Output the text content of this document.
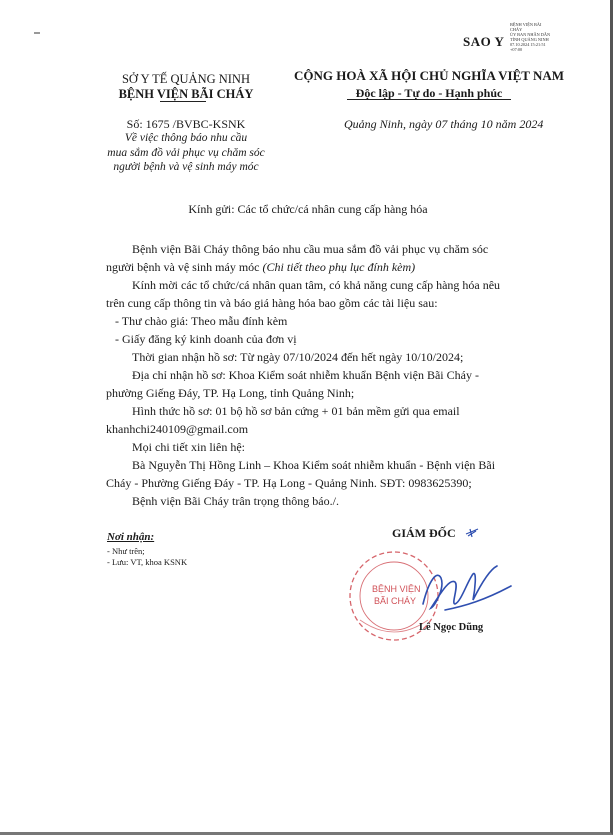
SAO Y
BỆNH VIỆN BÃI
CHÁY
ỦY BAN NHÂN DÂN
TỈNH QUẢNG NINH
07.10.2024 15:21:51
+07:00
SỞ Y TẾ QUẢNG NINH
BỆNH VIỆN BÃI CHÁY
CỘNG HOÀ XÃ HỘI CHỦ NGHĨA VIỆT NAM
Độc lập - Tự do - Hạnh phúc
Số: 1675 /BVBC-KSNK
Về việc thông báo nhu cầu
mua sắm đồ vải phục vụ chăm sóc
người bệnh và vệ sinh máy móc
Quảng Ninh, ngày 07 tháng 10 năm 2024
Kính gửi: Các tổ chức/cá nhân cung cấp hàng hóa
Bệnh viện Bãi Cháy thông báo nhu cầu mua sắm đồ vải phục vụ chăm sóc
người bệnh và vệ sinh máy móc (Chi tiết theo phụ lục đính kèm)
Kính mời các tổ chức/cá nhân quan tâm, có khả năng cung cấp hàng hóa nêu
trên cung cấp thông tin và báo giá hàng hóa bao gồm các tài liệu sau:
- Thư chào giá: Theo mẫu đính kèm
- Giấy đăng ký kinh doanh của đơn vị
Thời gian nhận hồ sơ: Từ ngày 07/10/2024 đến hết ngày 10/10/2024;
Địa chỉ nhận hồ sơ: Khoa Kiểm soát nhiễm khuẩn Bệnh viện Bãi Cháy -
phường Giếng Đáy, TP. Hạ Long, tỉnh Quảng Ninh;
Hình thức hồ sơ: 01 bộ hồ sơ bản cứng + 01 bản mềm gửi qua email
khanhchi240109@gmail.com
Mọi chi tiết xin liên hệ:
Bà Nguyễn Thị Hồng Linh – Khoa Kiểm soát nhiễm khuẩn - Bệnh viện Bãi
Cháy - Phường Giếng Đáy - TP. Hạ Long - Quảng Ninh. SĐT: 0983625390;
Bệnh viện Bãi Cháy trân trọng thông báo./.
Nơi nhận:
- Như trên;
- Lưu: VT, khoa KSNK
GIÁM ĐỐC
BỆNH VIỆN
BÃI CHÁY
Lê Ngọc Dũng
